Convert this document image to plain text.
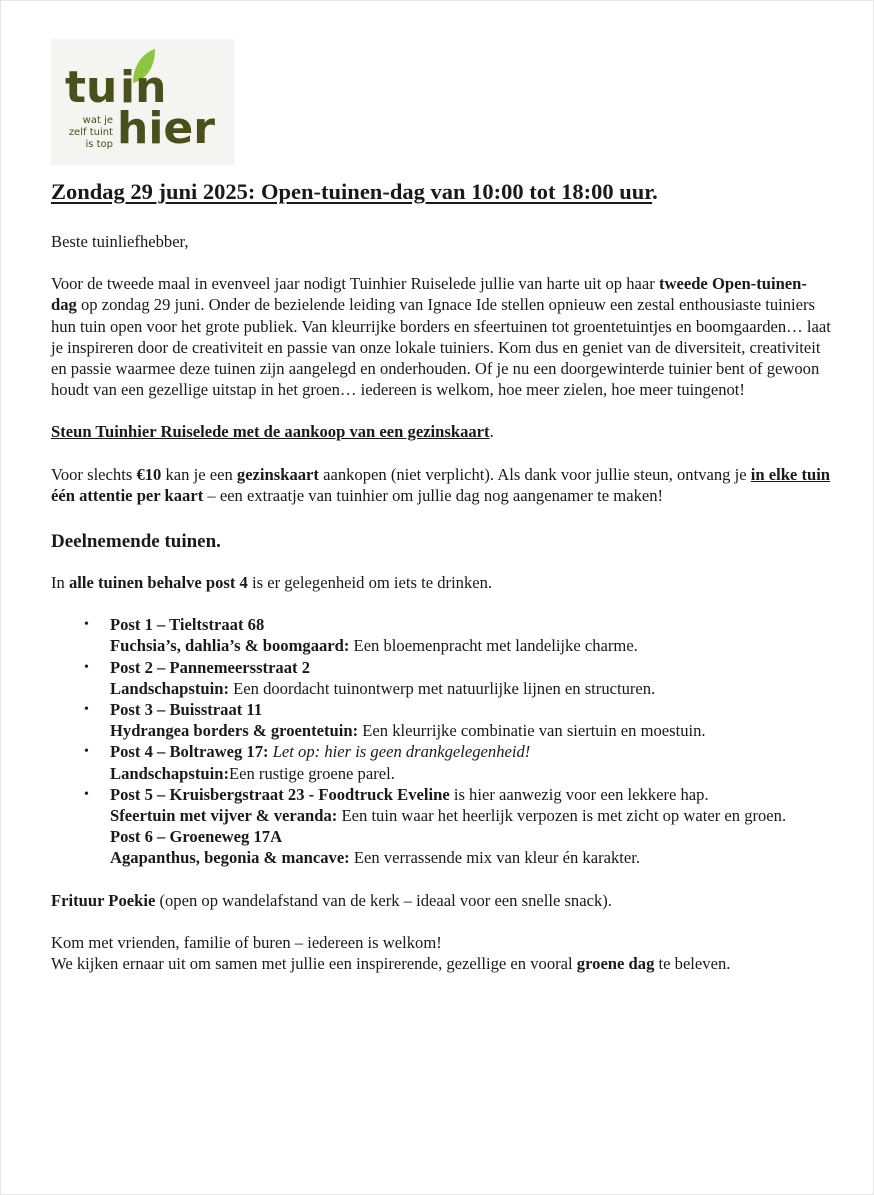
tu in
hier
wat je
zelf tuint
is top
Zondag 29 juni 2025: Open-tuinen-dag van 10:00 tot 18:00 uur.

Beste tuinliefhebber,

Voor de tweede maal in evenveel jaar nodigt Tuinhier Ruiselede jullie van harte uit op haar tweede Open-tuinen-dag op zondag 29 juni. Onder de bezielende leiding van Ignace Ide stellen opnieuw een zestal enthousiaste tuiniers hun tuin open voor het grote publiek. Van kleurrijke borders en sfeertuinen tot groentetuintjes en boomgaarden… laat je inspireren door de creativiteit en passie van onze lokale tuiniers. Kom dus en geniet van de diversiteit, creativiteit en passie waarmee deze tuinen zijn aangelegd en onderhouden. Of je nu een doorgewinterde tuinier bent of gewoon houdt van een gezellige uitstap in het groen… iedereen is welkom, hoe meer zielen, hoe meer tuingenot!

Steun Tuinhier Ruiselede met de aankoop van een gezinskaart.

Voor slechts €10 kan je een gezinskaart aankopen (niet verplicht). Als dank voor jullie steun, ontvang je in elke tuin één attentie per kaart – een extraatje van tuinhier om jullie dag nog aangenamer te maken!

Deelnemende tuinen.

In alle tuinen behalve post 4 is er gelegenheid om iets te drinken.

• Post 1 – Tieltstraat 68
Fuchsia’s, dahlia’s & boomgaard: Een bloemenpracht met landelijke charme.
• Post 2 – Pannemeersstraat 2
Landschapstuin: Een doordacht tuinontwerp met natuurlijke lijnen en structuren.
• Post 3 – Buisstraat 11
Hydrangea borders & groentetuin: Een kleurrijke combinatie van siertuin en moestuin.
• Post 4 – Boltraweg 17: Let op: hier is geen drankgelegenheid!
Landschapstuin:Een rustige groene parel.
• Post 5 – Kruisbergstraat 23 - Foodtruck Eveline is hier aanwezig voor een lekkere hap.
Sfeertuin met vijver & veranda: Een tuin waar het heerlijk verpozen is met zicht op water en groen.
Post 6 – Groeneweg 17A
Agapanthus, begonia & mancave: Een verrassende mix van kleur én karakter.

Frituur Poekie (open op wandelafstand van de kerk – ideaal voor een snelle snack).

Kom met vrienden, familie of buren – iedereen is welkom!
We kijken ernaar uit om samen met jullie een inspirerende, gezellige en vooral groene dag te beleven.
